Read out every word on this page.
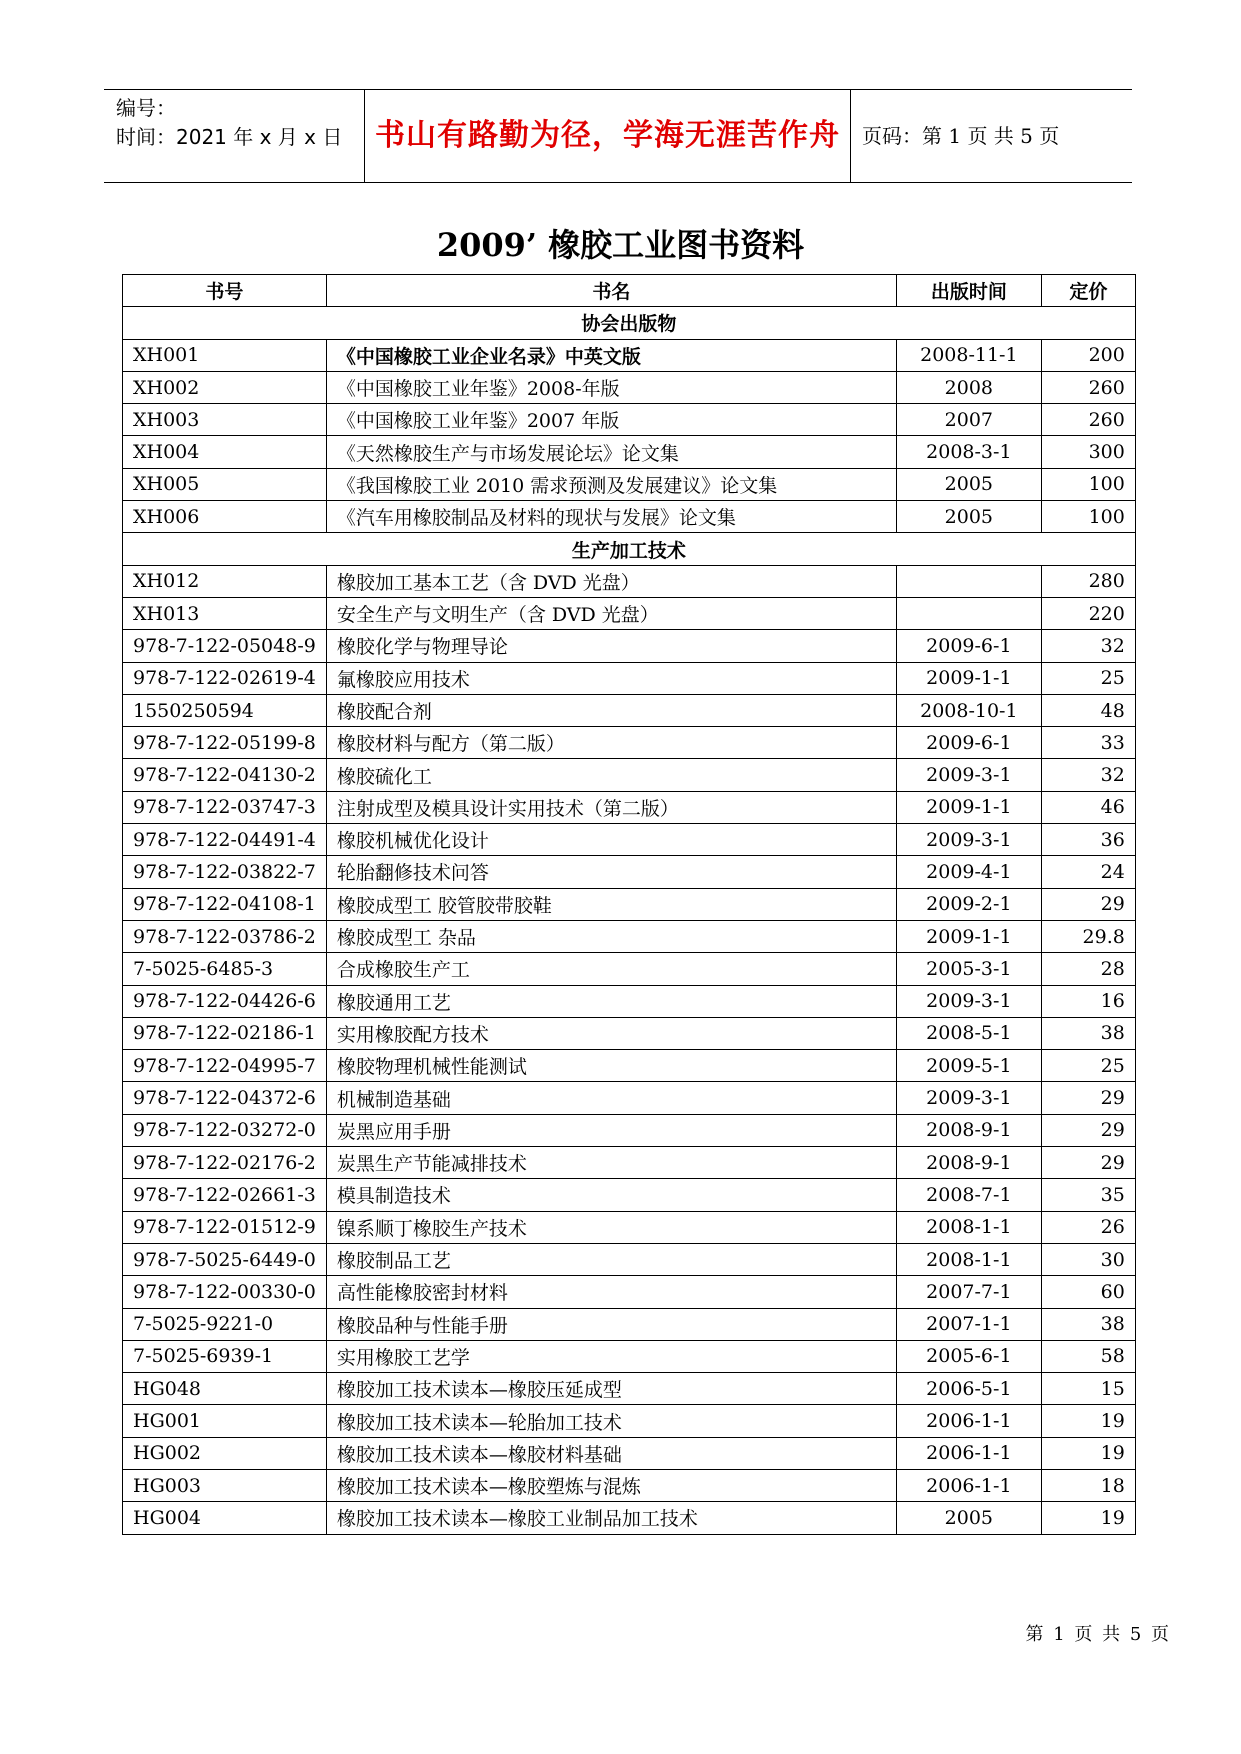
编号：
时间：2021 年 x 月 x 日	书山有路勤为径，学海无涯苦作舟	页码：第 1 页 共 5 页
2009’ 橡胶工业图书资料
书号	书名	出版时间	定价
协会出版物			
XH001	《中国橡胶工业企业名录》中英文版	2008-11-1	200
XH002	《中国橡胶工业年鉴》2008-年版	2008	260
XH003	《中国橡胶工业年鉴》2007 年版	2007	260
XH004	《天然橡胶生产与市场发展论坛》论文集	2008-3-1	300
XH005	《我国橡胶工业 2010 需求预测及发展建议》论文集	2005	100
XH006	《汽车用橡胶制品及材料的现状与发展》论文集	2005	100
生产加工技术			
XH012	橡胶加工基本工艺（含 DVD 光盘）		280
XH013	安全生产与文明生产（含 DVD 光盘）		220
978-7-122-05048-9	橡胶化学与物理导论	2009-6-1	32
978-7-122-02619-4	氟橡胶应用技术	2009-1-1	25
1550250594	橡胶配合剂	2008-10-1	48
978-7-122-05199-8	橡胶材料与配方（第二版）	2009-6-1	33
978-7-122-04130-2	橡胶硫化工	2009-3-1	32
978-7-122-03747-3	注射成型及模具设计实用技术（第二版）	2009-1-1	46
978-7-122-04491-4	橡胶机械优化设计	2009-3-1	36
978-7-122-03822-7	轮胎翻修技术问答	2009-4-1	24
978-7-122-04108-1	橡胶成型工 胶管胶带胶鞋	2009-2-1	29
978-7-122-03786-2	橡胶成型工 杂品	2009-1-1	29.8
7-5025-6485-3	合成橡胶生产工	2005-3-1	28
978-7-122-04426-6	橡胶通用工艺	2009-3-1	16
978-7-122-02186-1	实用橡胶配方技术	2008-5-1	38
978-7-122-04995-7	橡胶物理机械性能测试	2009-5-1	25
978-7-122-04372-6	机械制造基础	2009-3-1	29
978-7-122-03272-0	炭黑应用手册	2008-9-1	29
978-7-122-02176-2	炭黑生产节能减排技术	2008-9-1	29
978-7-122-02661-3	模具制造技术	2008-7-1	35
978-7-122-01512-9	镍系顺丁橡胶生产技术	2008-1-1	26
978-7-5025-6449-0	橡胶制品工艺	2008-1-1	30
978-7-122-00330-0	高性能橡胶密封材料	2007-7-1	60
7-5025-9221-0	橡胶品种与性能手册	2007-1-1	38
7-5025-6939-1	实用橡胶工艺学	2005-6-1	58
HG048	橡胶加工技术读本—橡胶压延成型	2006-5-1	15
HG001	橡胶加工技术读本—轮胎加工技术	2006-1-1	19
HG002	橡胶加工技术读本—橡胶材料基础	2006-1-1	19
HG003	橡胶加工技术读本—橡胶塑炼与混炼	2006-1-1	18
HG004	橡胶加工技术读本—橡胶工业制品加工技术	2005	19
第 1 页 共 5 页
